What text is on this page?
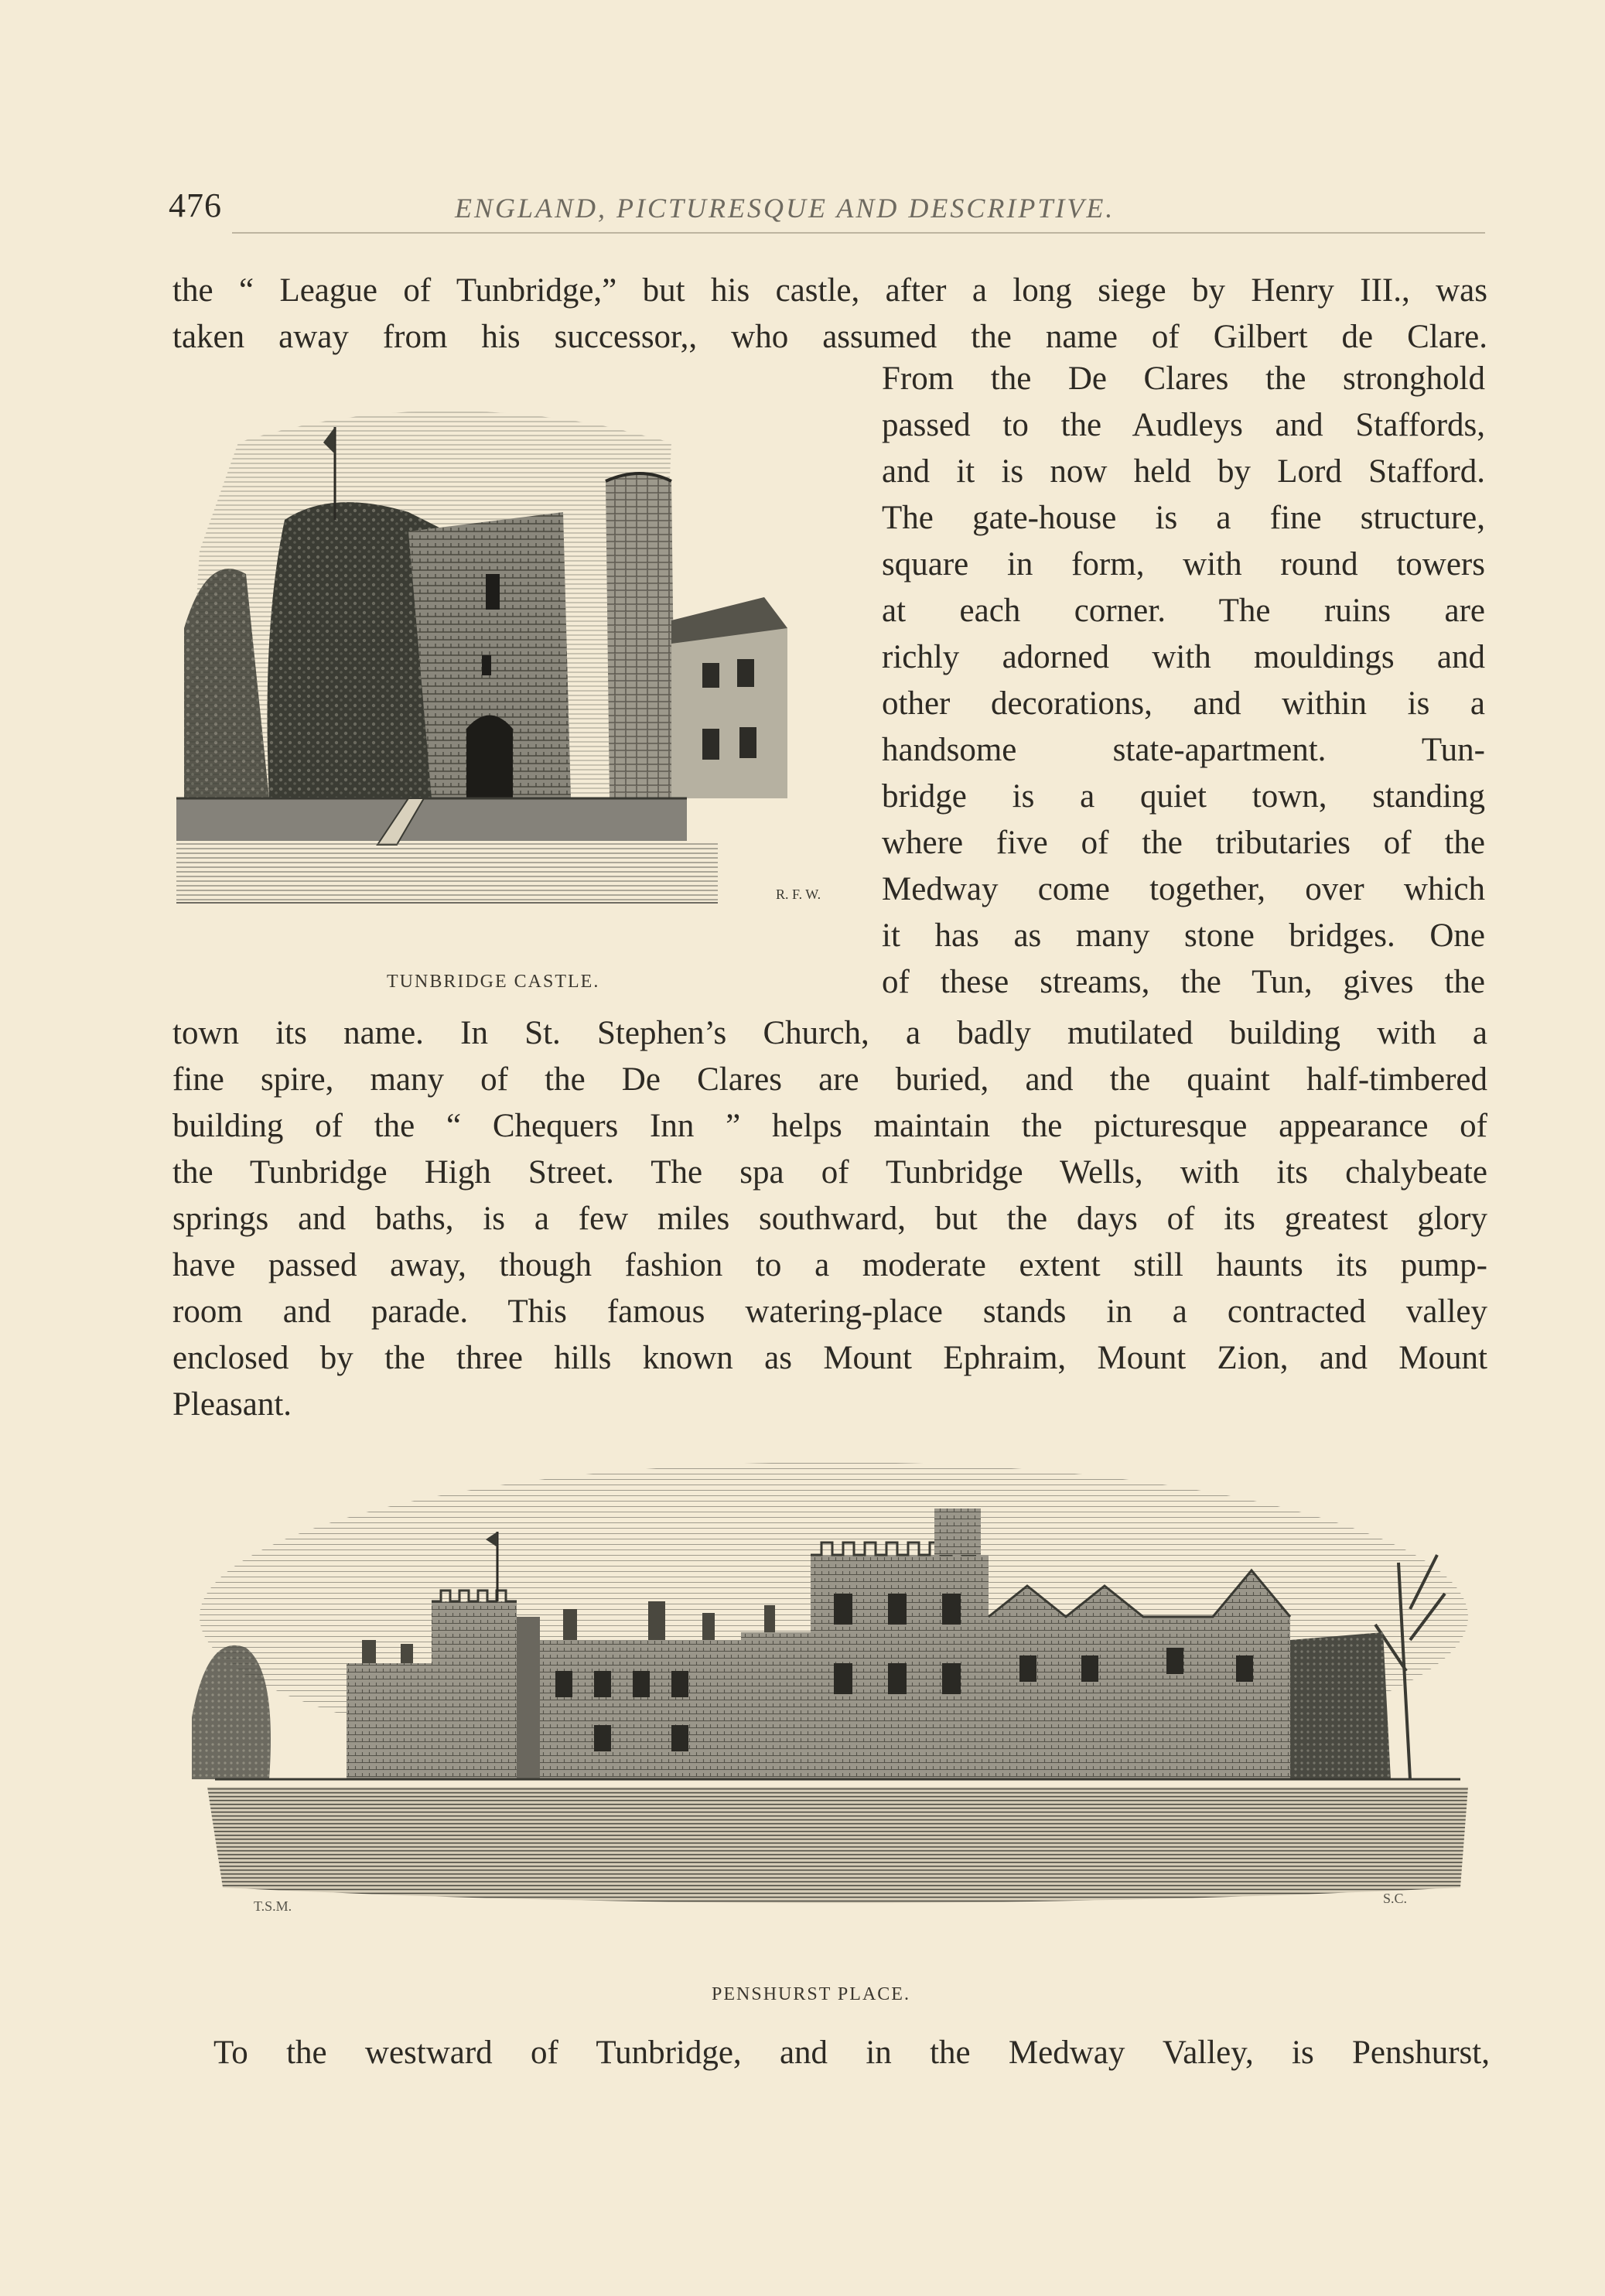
476	ENGLAND, PICTURESQUE AND DESCRIPTIVE.
the “ League of Tunbridge,” but his castle, after a long siege by Henry III., was
taken away from his successor,, who assumed the name of Gilbert de Clare.
From the De Clares the stronghold
passed to the Audleys and Staffords,
and it is now held by Lord Stafford.
The gate-house is a fine structure,
square in form, with round towers
at each corner. The ruins are
richly adorned with mouldings and
other decorations, and within is a
handsome state-apartment. Tun-
bridge is a quiet town, standing
where five of the tributaries of the
Medway come together, over which
it has as many stone bridges. One
of these streams, the Tun, gives the
R. F. W.
TUNBRIDGE CASTLE.
town its name. In St. Stephen’s Church, a badly mutilated building with a
fine spire, many of the De Clares are buried, and the quaint half-timbered
building of the “ Chequers Inn ” helps maintain the picturesque appearance of
the Tunbridge High Street. The spa of Tunbridge Wells, with its chalybeate
springs and baths, is a few miles southward, but the days of its greatest glory
have passed away, though fashion to a moderate extent still haunts its pump-
room and parade. This famous watering-place stands in a contracted valley
enclosed by the three hills known as Mount Ephraim, Mount Zion, and Mount
Pleasant.
T.S.M.	S.C.
PENSHURST PLACE.
To the westward of Tunbridge, and in the Medway Valley, is Penshurst,
